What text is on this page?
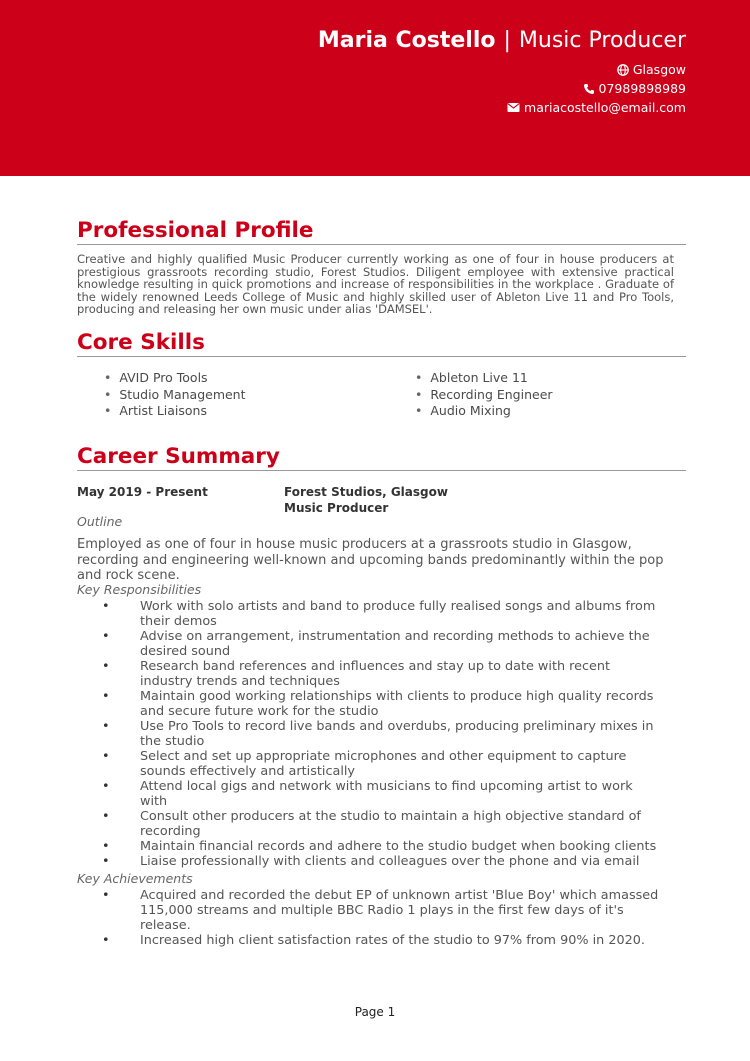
Maria Costello | Music Producer
Glasgow
07989898989
mariacostello@email.com
Professional Profile
Creative and highly qualified Music Producer currently working as one of four in house producers at prestigious grassroots recording studio, Forest Studios. Diligent employee with extensive practical knowledge resulting in quick promotions and increase of responsibilities in the workplace . Graduate of the widely renowned Leeds College of Music and highly skilled user of Ableton Live 11 and Pro Tools, producing and releasing her own music under alias 'DAMSEL'.
Core Skills
• AVID Pro Tools
• Studio Management
• Artist Liaisons
• Ableton Live 11
• Recording Engineer
• Audio Mixing
Career Summary
May 2019 - Present	Forest Studios, Glasgow
Music Producer
Outline
Employed as one of four in house music producers at a grassroots studio in Glasgow, recording and engineering well-known and upcoming bands predominantly within the pop and rock scene.
Key Responsibilities
• Work with solo artists and band to produce fully realised songs and albums from their demos
• Advise on arrangement, instrumentation and recording methods to achieve the desired sound
• Research band references and influences and stay up to date with recent industry trends and techniques
• Maintain good working relationships with clients to produce high quality records and secure future work for the studio
• Use Pro Tools to record live bands and overdubs, producing preliminary mixes in the studio
• Select and set up appropriate microphones and other equipment to capture sounds effectively and artistically
• Attend local gigs and network with musicians to find upcoming artist to work with
• Consult other producers at the studio to maintain a high objective standard of recording
• Maintain financial records and adhere to the studio budget when booking clients
• Liaise professionally with clients and colleagues over the phone and via email
Key Achievements
• Acquired and recorded the debut EP of unknown artist 'Blue Boy' which amassed 115,000 streams and multiple BBC Radio 1 plays in the first few days of it's release.
• Increased high client satisfaction rates of the studio to 97% from 90% in 2020.
Page 1
